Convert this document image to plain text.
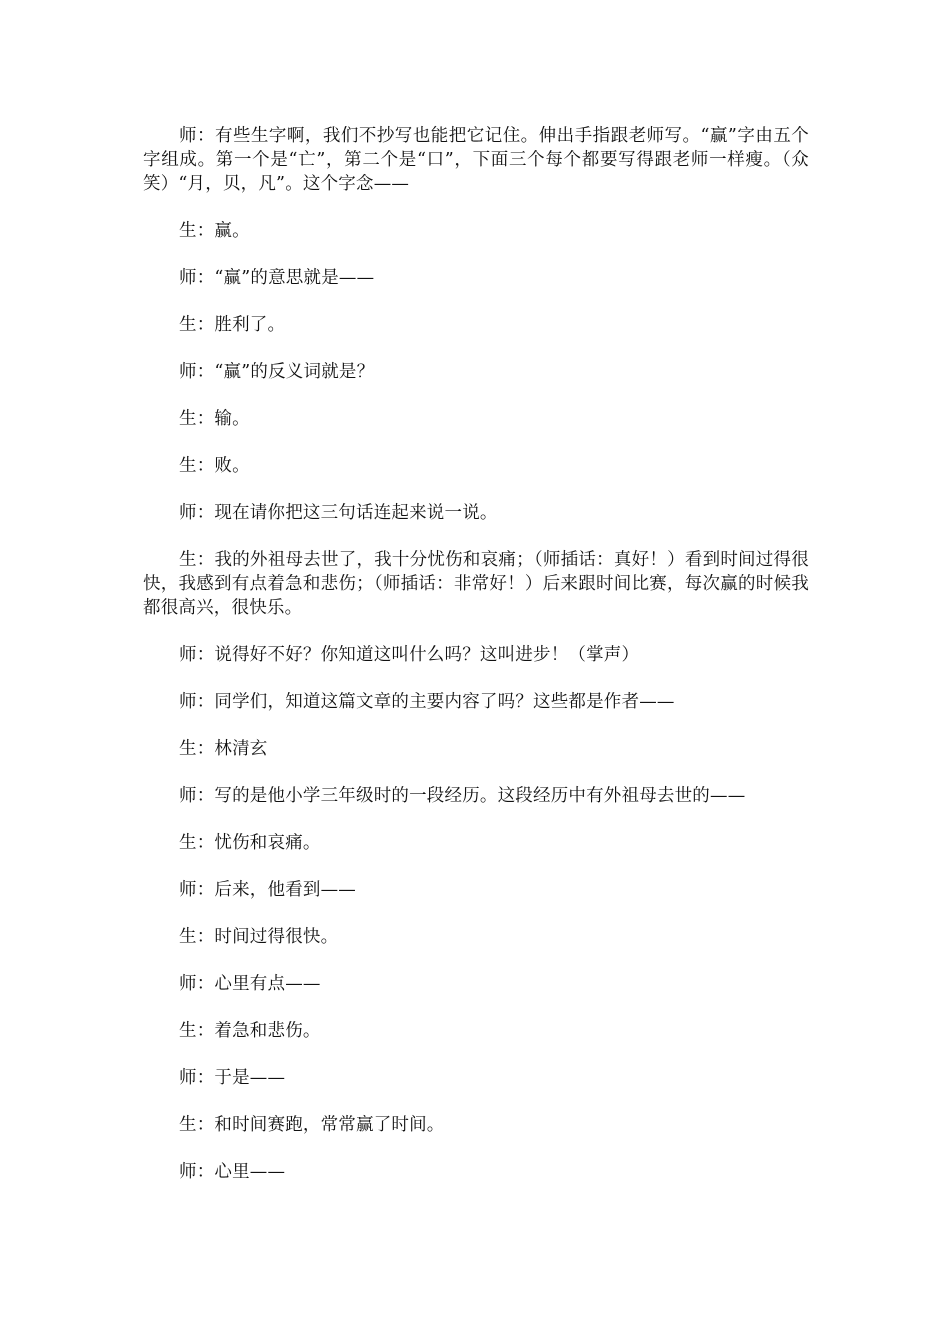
师：有些生字啊，我们不抄写也能把它记住。伸出手指跟老师写。“赢”字由五个字组成。第一个是“亡”，第二个是“口”，下面三个每个都要写得跟老师一样瘦。（众笑）“月，贝，凡”。这个字念——

生：赢。

师：“赢”的意思就是——

生：胜利了。

师：“赢”的反义词就是？

生：输。

生：败。

师：现在请你把这三句话连起来说一说。

生：我的外祖母去世了，我十分忧伤和哀痛；（师插话：真好！）看到时间过得很快，我感到有点着急和悲伤；（师插话：非常好！）后来跟时间比赛，每次赢的时候我都很高兴，很快乐。

师：说得好不好？你知道这叫什么吗？这叫进步！（掌声）

师：同学们，知道这篇文章的主要内容了吗？这些都是作者——

生：林清玄

师：写的是他小学三年级时的一段经历。这段经历中有外祖母去世的——

生：忧伤和哀痛。

师：后来，他看到——

生：时间过得很快。

师：心里有点——

生：着急和悲伤。

师：于是——

生：和时间赛跑，常常赢了时间。

师：心里——
